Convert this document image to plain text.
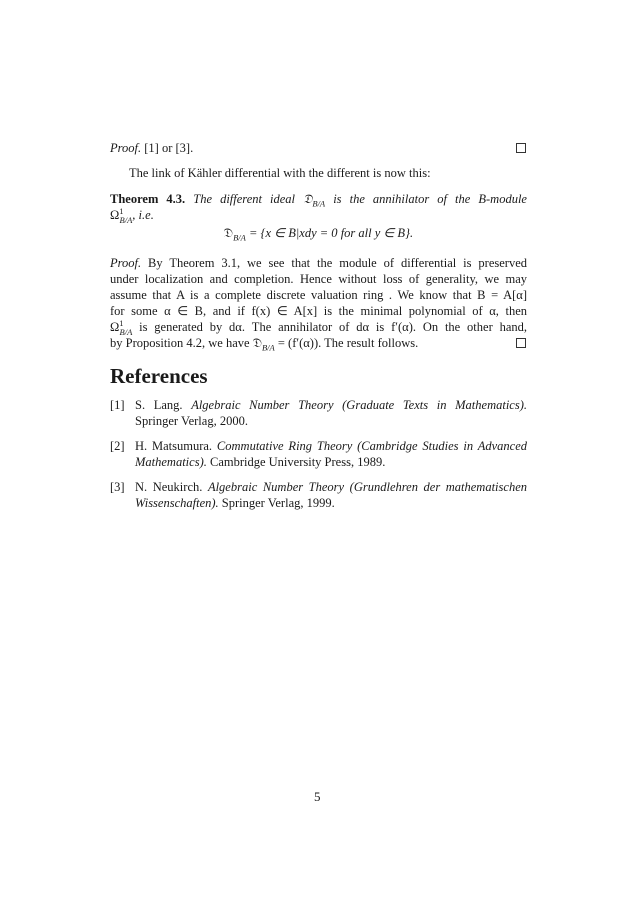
Proof. [1] or [3].
The link of Kähler differential with the different is now this:
Theorem 4.3. The different ideal 𝔇$_{B/A}$ is the annihilator of the B-module
$\Omega^1_{B/A}$, i.e.
𝔇$_{B/A}$ = {x ∈ B|xdy = 0 for all y ∈ B}.
Proof. By Theorem 3.1, we see that the module of differential is preserved
under localization and completion. Hence without loss of generality, we may
assume that A is a complete discrete valuation ring . We know that B = A[α]
for some α ∈ B, and if f(x) ∈ A[x] is the minimal polynomial of α, then
$\Omega^1_{B/A}$ is generated by dα. The annihilator of dα is f′(α). On the other hand,
by Proposition 4.2, we have 𝔇$_{B/A}$ = (f′(α)). The result follows.
References
[1] S. Lang. Algebraic Number Theory (Graduate Texts in Mathematics). Springer Verlag, 2000.
[2] H. Matsumura. Commutative Ring Theory (Cambridge Studies in Advanced Mathematics). Cambridge University Press, 1989.
[3] N. Neukirch. Algebraic Number Theory (Grundlehren der mathematischen Wissenschaften). Springer Verlag, 1999.
5
